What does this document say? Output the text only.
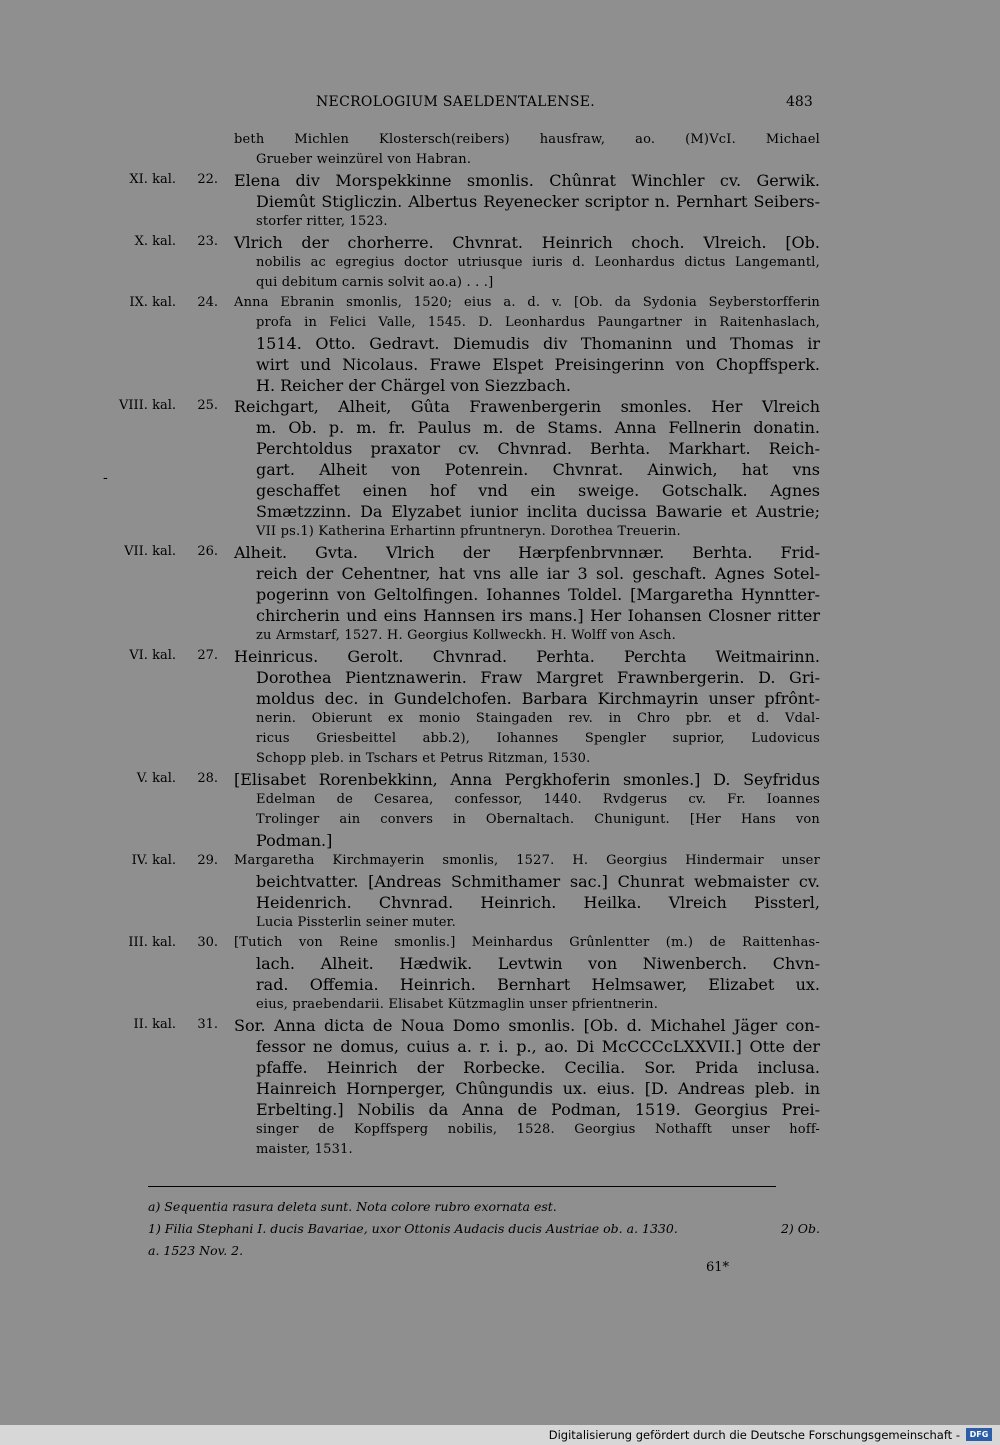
NECROLOGIUM SAELDENTALENSE.	483
beth Michlen Klostersch(reibers) hausfraw, ao. (M)VcI. Michael
Grueber weinzürel von Habran.
XI. kal.	22. Elena div Morspekkinne smonlis. Chûnrat Winchler cv. Gerwik.
Diemût Stigliczin. Albertus Reyenecker scriptor n. Pernhart Seibers-
storfer ritter, 1523.
X. kal.	23. Vlrich der chorherre. Chvnrat. Heinrich choch. Vlreich. [Ob.
nobilis ac egregius doctor utriusque iuris d. Leonhardus dictus Langemantl,
qui debitum carnis solvit ao.a) . . .]
IX. kal.	24. Anna Ebranin smonlis, 1520; eius a. d. v. [Ob. da Sydonia Seyberstorfferin
profa in Felici Valle, 1545. D. Leonhardus Paungartner in Raitenhaslach,
1514. Otto. Gedravt. Diemudis div Thomaninn und Thomas ir
wirt und Nicolaus. Frawe Elspet Preisingerinn von Chopffsperk.
H. Reicher der Chärgel von Siezzbach.
VIII. kal.	25. Reichgart, Alheit, Gûta Frawenbergerin smonles. Her Vlreich
m. Ob. p. m. fr. Paulus m. de Stams. Anna Fellnerin donatin.
Perchtoldus praxator cv. Chvnrad. Berhta. Markhart. Reich-
gart. Alheit von Potenrein. Chvnrat. Ainwich, hat vns
geschaffet einen hof vnd ein sweige. Gotschalk. Agnes
Smætzzinn. Da Elyzabet iunior inclita ducissa Bawarie et Austrie;
VII ps.1) Katherina Erhartinn pfruntneryn. Dorothea Treuerin.
VII. kal.	26. Alheit. Gvta. Vlrich der Hærpfenbrvnnær. Berhta. Frid-
reich der Cehentner, hat vns alle iar 3 sol. geschaft. Agnes Sotel-
pogerinn von Geltolfingen. Iohannes Toldel. [Margaretha Hynntter-
chircherin und eins Hannsen irs mans.] Her Iohansen Closner ritter
zu Armstarf, 1527. H. Georgius Kollweckh. H. Wolff von Asch.
VI. kal.	27. Heinricus. Gerolt. Chvnrad. Perhta. Perchta Weitmairinn.
Dorothea Pientznawerin. Fraw Margret Frawnbergerin. D. Gri-
moldus dec. in Gundelchofen. Barbara Kirchmayrin unser pfrônt-
nerin. Obierunt ex monio Staingaden rev. in Chro pbr. et d. Vdal-
ricus Griesbeittel abb.2), Iohannes Spengler suprior, Ludovicus
Schopp pleb. in Tschars et Petrus Ritzman, 1530.
V. kal.	28. [Elisabet Rorenbekkinn, Anna Pergkhoferin smonles.] D. Seyfridus
Edelman de Cesarea, confessor, 1440. Rvdgerus cv. Fr. Ioannes
Trolinger ain convers in Obernaltach. Chunigunt. [Her Hans von
Podman.]
IV. kal.	29. Margaretha Kirchmayerin smonlis, 1527. H. Georgius Hindermair unser
beichtvatter. [Andreas Schmithamer sac.] Chunrat webmaister cv.
Heidenrich. Chvnrad. Heinrich. Heilka. Vlreich Pissterl,
Lucia Pissterlin seiner muter.
III. kal.	30. [Tutich von Reine smonlis.] Meinhardus Grûnlentter (m.) de Raittenhas-
lach. Alheit. Hædwik. Levtwin von Niwenberch. Chvn-
rad. Offemia. Heinrich. Bernhart Helmsawer, Elizabet ux.
eius, praebendarii. Elisabet Kützmaglin unser pfrientnerin.
II. kal.	31. Sor. Anna dicta de Noua Domo smonlis. [Ob. d. Michahel Jäger con-
fessor ne domus, cuius a. r. i. p., ao. Di McCCCcLXXVII.] Otte der
pfaffe. Heinrich der Rorbecke. Cecilia. Sor. Prida inclusa.
Hainreich Hornperger, Chûngundis ux. eius. [D. Andreas pleb. in
Erbelting.] Nobilis da Anna de Podman, 1519. Georgius Prei-
singer de Kopffsperg nobilis, 1528. Georgius Nothafft unser hoff-
maister, 1531.
-
a) Sequentia rasura deleta sunt. Nota colore rubro exornata est.
1) Filia Stephani I. ducis Bavariae, uxor Ottonis Audacis ducis Austriae ob. a. 1330.	2) Ob.
a. 1523 Nov. 2.
61*
Digitalisierung gefördert durch die Deutsche Forschungsgemeinschaft -	DFG
